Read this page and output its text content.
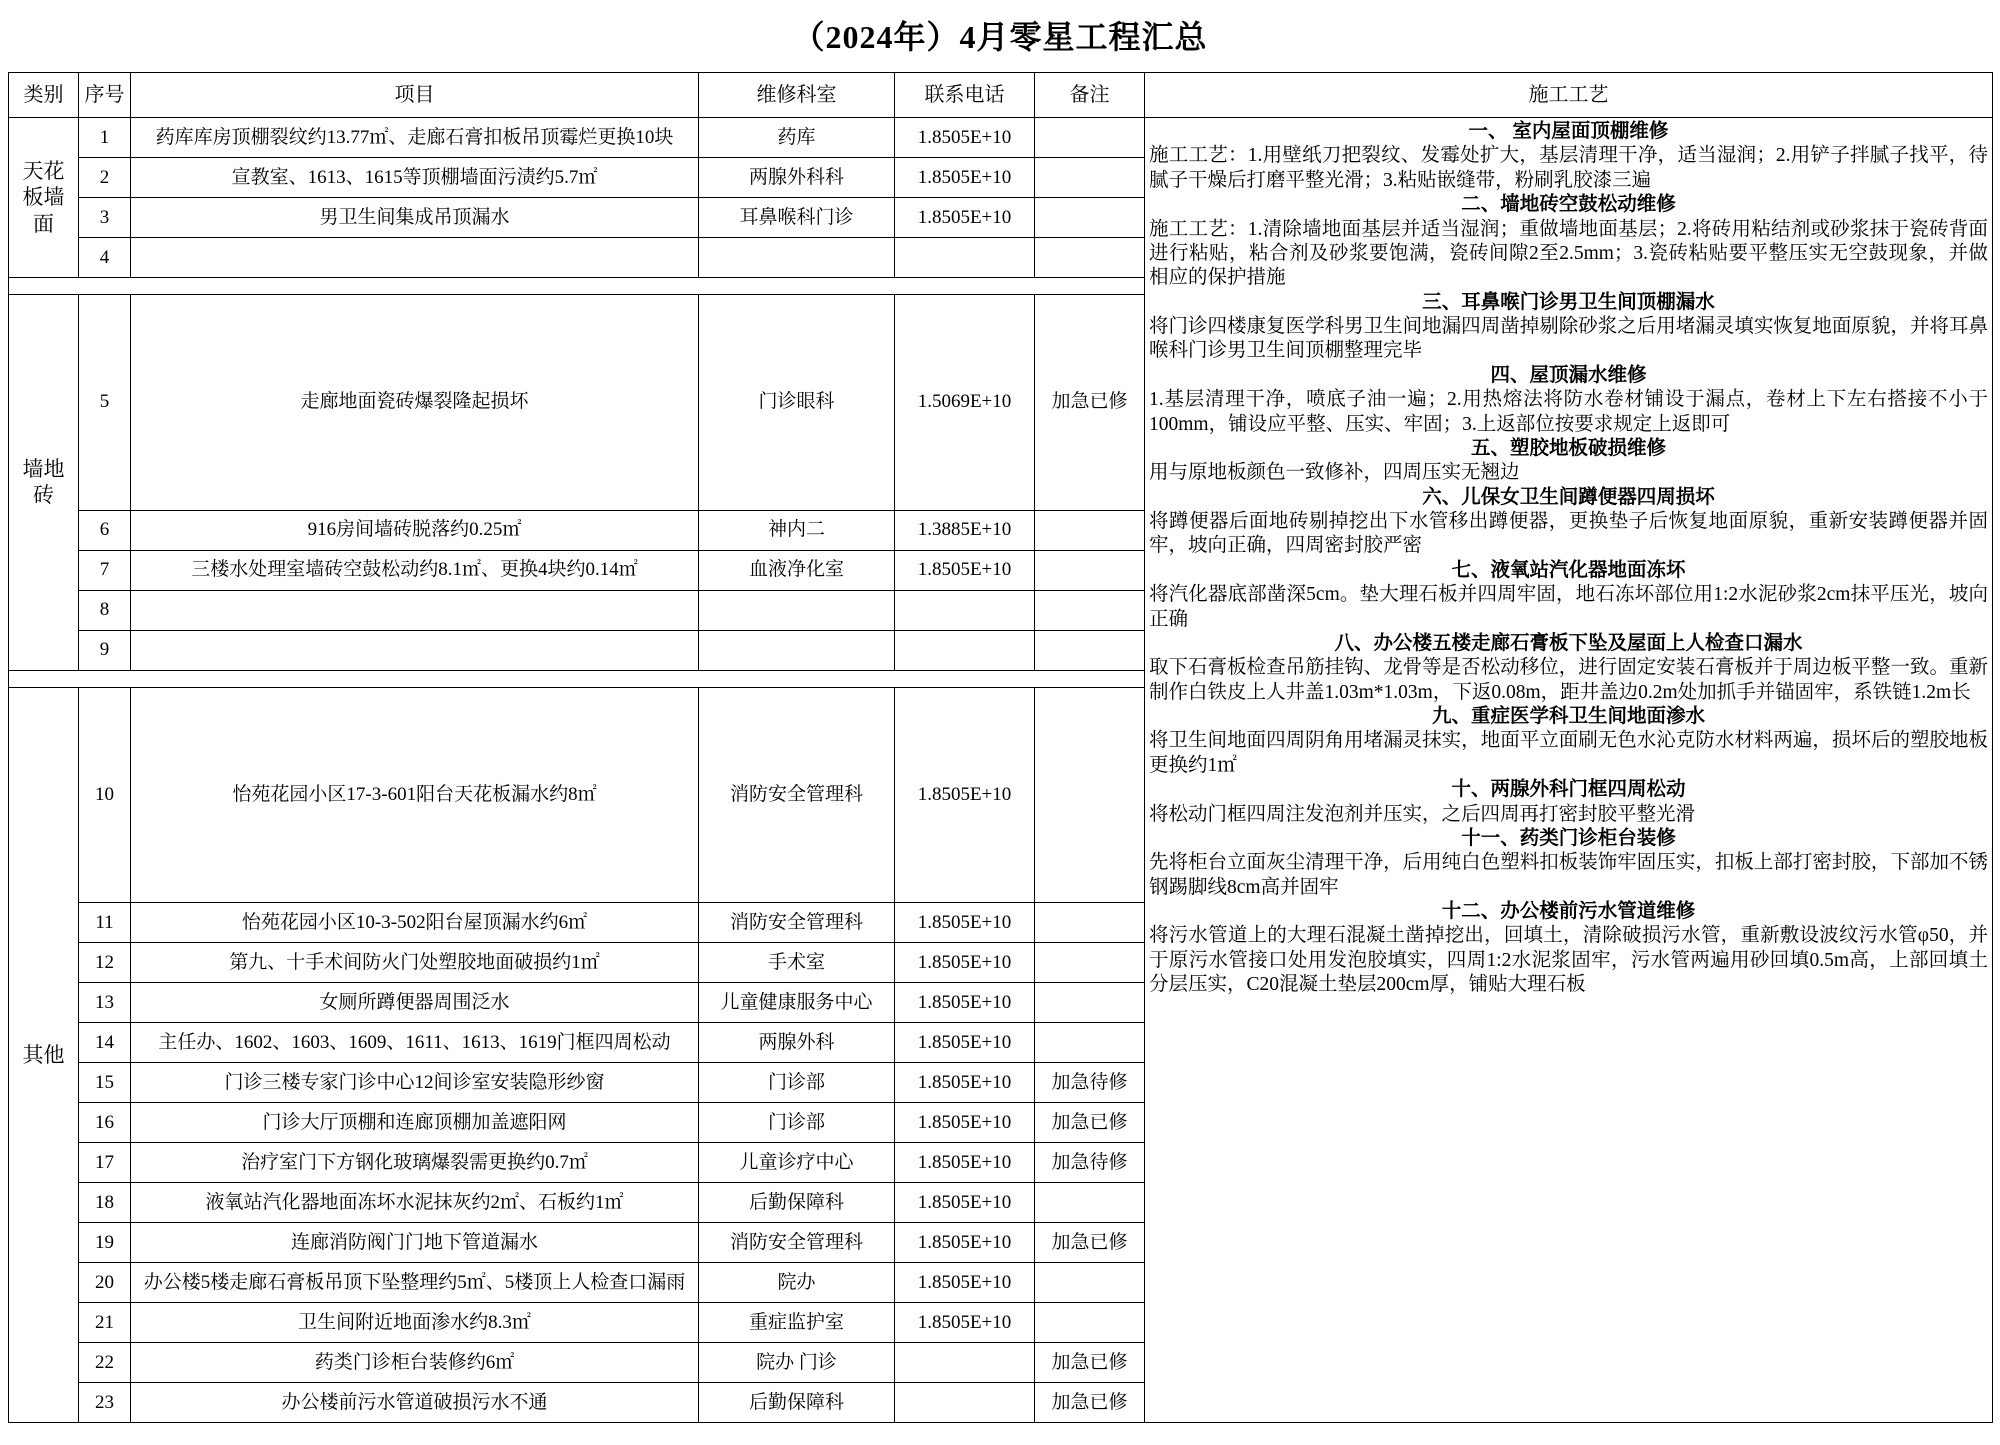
（2024年）4月零星工程汇总
类别	序号	项目	维修科室	联系电话	备注	施工工艺
天花板墙面	1	药库库房顶棚裂纹约13.77㎡、走廊石膏扣板吊顶霉烂更换10块	药库	1.8505E+10		一、 室内屋面顶棚维修
施工工艺：1.用壁纸刀把裂纹、发霉处扩大，基层清理干净，适当湿润；2.用铲子拌腻子找平，待腻子干燥后打磨平整光滑；3.粘贴嵌缝带，粉刷乳胶漆三遍
二、墙地砖空鼓松动维修
施工工艺：1.清除墙地面基层并适当湿润；重做墙地面基层；2.将砖用粘结剂或砂浆抹于瓷砖背面进行粘贴，粘合剂及砂浆要饱满，瓷砖间隙2至2.5mm；3.瓷砖粘贴要平整压实无空鼓现象，并做相应的保护措施
三、耳鼻喉门诊男卫生间顶棚漏水
将门诊四楼康复医学科男卫生间地漏四周凿掉剔除砂浆之后用堵漏灵填实恢复地面原貌，并将耳鼻喉科门诊男卫生间顶棚整理完毕
四、屋顶漏水维修
1.基层清理干净，喷底子油一遍；2.用热熔法将防水卷材铺设于漏点，卷材上下左右搭接不小于100mm，铺设应平整、压实、牢固；3.上返部位按要求规定上返即可
五、塑胶地板破损维修
用与原地板颜色一致修补，四周压实无翘边
六、儿保女卫生间蹲便器四周损坏
将蹲便器后面地砖剔掉挖出下水管移出蹲便器，更换垫子后恢复地面原貌，重新安装蹲便器并固牢，坡向正确，四周密封胶严密
七、液氧站汽化器地面冻坏
将汽化器底部凿深5cm。垫大理石板并四周牢固，地石冻坏部位用1:2水泥砂浆2cm抹平压光，坡向正确
八、办公楼五楼走廊石膏板下坠及屋面上人检查口漏水
取下石膏板检查吊筋挂钩、龙骨等是否松动移位，进行固定安装石膏板并于周边板平整一致。重新制作白铁皮上人井盖1.03m*1.03m，下返0.08m，距井盖边0.2m处加抓手并锚固牢，系铁链1.2m长
九、重症医学科卫生间地面渗水
将卫生间地面四周阴角用堵漏灵抹实，地面平立面刷无色水沁克防水材料两遍，损坏后的塑胶地板更换约1㎡
十、两腺外科门框四周松动
将松动门框四周注发泡剂并压实，之后四周再打密封胶平整光滑
十一、药类门诊柜台装修
先将柜台立面灰尘清理干净，后用纯白色塑料扣板装饰牢固压实，扣板上部打密封胶，下部加不锈钢踢脚线8cm高并固牢
十二、办公楼前污水管道维修
将污水管道上的大理石混凝土凿掉挖出，回填土，清除破损污水管，重新敷设波纹污水管φ50，并于原污水管接口处用发泡胶填实，四周1:2水泥浆固牢，污水管两遍用砂回填0.5m高，上部回填土分层压实，C20混凝土垫层200cm厚，铺贴大理石板

	2	宣教室、1613、1615等顶棚墙面污渍约5.7㎡	两腺外科科	1.8505E+10		
	3	男卫生间集成吊顶漏水	耳鼻喉科门诊	1.8505E+10		
	4					

墙地砖	5	走廊地面瓷砖爆裂隆起损坏	门诊眼科	1.5069E+10	加急已修	
	6	916房间墙砖脱落约0.25㎡	神内二	1.3885E+10		
	7	三楼水处理室墙砖空鼓松动约8.1㎡、更换4块约0.14㎡	血液净化室	1.8505E+10		
	8					
	9					

其他	10	怡苑花园小区17-3-601阳台天花板漏水约8㎡	消防安全管理科	1.8505E+10		
	11	怡苑花园小区10-3-502阳台屋顶漏水约6㎡	消防安全管理科	1.8505E+10		
	12	第九、十手术间防火门处塑胶地面破损约1㎡	手术室	1.8505E+10		
	13	女厕所蹲便器周围泛水	儿童健康服务中心	1.8505E+10		
	14	主任办、1602、1603、1609、1611、1613、1619门框四周松动	两腺外科	1.8505E+10		
	15	门诊三楼专家门诊中心12间诊室安装隐形纱窗	门诊部	1.8505E+10	加急待修	
	16	门诊大厅顶棚和连廊顶棚加盖遮阳网	门诊部	1.8505E+10	加急已修	
	17	治疗室门下方钢化玻璃爆裂需更换约0.7㎡	儿童诊疗中心	1.8505E+10	加急待修	
	18	液氧站汽化器地面冻坏水泥抹灰约2㎡、石板约1㎡	后勤保障科	1.8505E+10		
	19	连廊消防阀门门地下管道漏水	消防安全管理科	1.8505E+10	加急已修	
	20	办公楼5楼走廊石膏板吊顶下坠整理约5㎡、5楼顶上人检查口漏雨	院办	1.8505E+10		
	21	卫生间附近地面渗水约8.3㎡	重症监护室	1.8505E+10		
	22	药类门诊柜台装修约6㎡	院办 门诊		加急已修	
	23	办公楼前污水管道破损污水不通	后勤保障科		加急已修	
